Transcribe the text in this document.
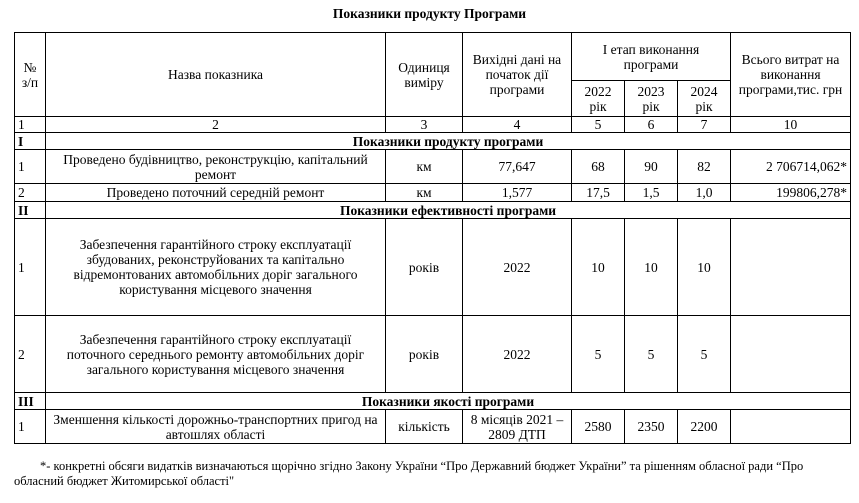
Показники продукту Програми
№ з/п	Назва показника	Одиниця виміру	Вихідні дані на початок дії програми	І етап виконання програми			Всього витрат на виконання програми,тис. грн
				2022 рік	2023 рік	2024 рік	
1	2	3	4	5	6	7	10
І	Показники продукту програми						
1	Проведено будівництво, реконструкцію, капітальний ремонт	км	77,647	68	90	82	2 706714,062*
2	Проведено поточний середній ремонт	км	1,577	17,5	1,5	1,0	199806,278*
ІІ	Показники ефективності програми						
1	Забезпечення гарантійного строку експлуатації збудованих, реконструйованих та капітально відремонтованих автомобільних доріг загального користування місцевого значення	років	2022	10	10	10	
2	Забезпечення гарантійного строку експлуатації поточного середнього ремонту автомобільних доріг загального користування місцевого значення	років	2022	5	5	5	
ІІІ	Показники якості програми						
1	Зменшення кількості дорожньо-транспортних пригод на автошлях області	кількість	8 місяців 2021 – 2809 ДТП	2580	2350	2200	
*- конкретні обсяги видатків визначаються щорічно згідно Закону України “Про Державний бюджет України” та рішенням обласної ради “Про обласний бюджет Житомирської області"
